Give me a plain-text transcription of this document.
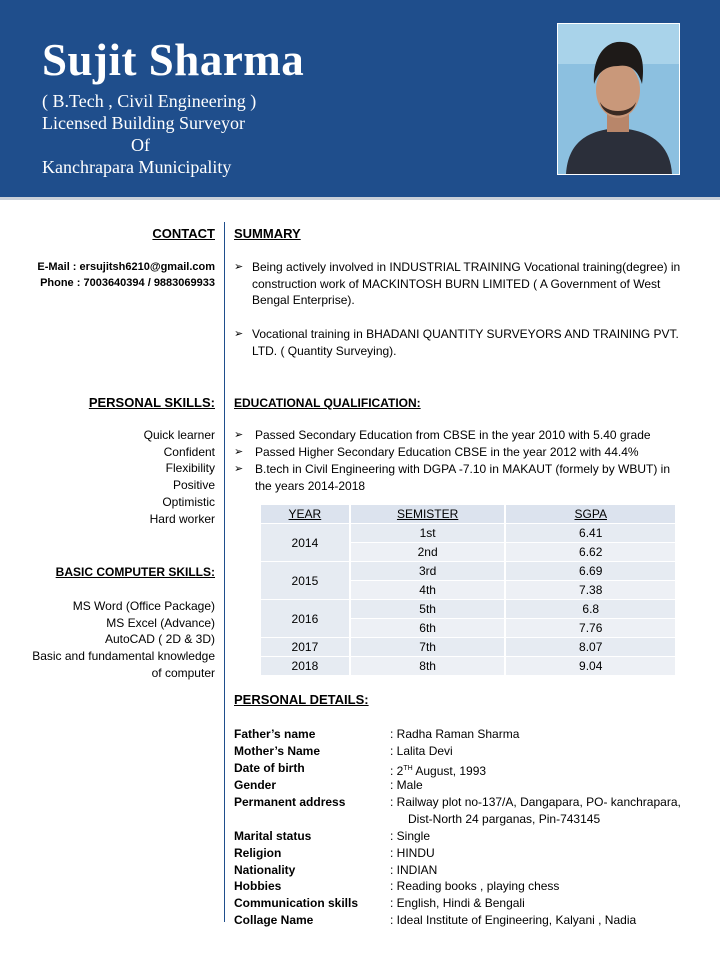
Sujit Sharma
( B.Tech , Civil Engineering )
Licensed Building Surveyor
Of
Kanchrapara Municipality
CONTACT
E-Mail : ersujitsh6210@gmail.com
Phone : 7003640394 / 9883069933
PERSONAL SKILLS:
Quick learner
Confident
Flexibility
Positive
Optimistic
Hard worker
BASIC COMPUTER SKILLS:
MS Word (Office Package)
MS Excel (Advance)
AutoCAD ( 2D & 3D)
Basic and fundamental knowledge
of computer
SUMMARY
➢ Being actively involved in INDUSTRIAL TRAINING Vocational training(degree) in construction work of MACKINTOSH BURN LIMITED ( A Government of West Bengal Enterprise).
➢ Vocational training in BHADANI QUANTITY SURVEYORS AND TRAINING PVT. LTD. ( Quantity Surveying).
EDUCATIONAL QUALIFICATION:
➢ Passed Secondary Education from CBSE in the year 2010 with 5.40 grade
➢ Passed Higher Secondary Education CBSE in the year 2012 with 44.4%
➢ B.tech in Civil Engineering with DGPA -7.10 in MAKAUT (formely by WBUT) in the years 2014-2018
YEAR	SEMISTER	SGPA
2014	1st	6.41
	2nd	6.62
2015	3rd	6.69
	4th	7.38
2016	5th	6.8
	6th	7.76
2017	7th	8.07
2018	8th	9.04
PERSONAL DETAILS:
Father’s name	: Radha Raman Sharma
Mother’s Name	: Lalita Devi
Date of birth	: 2TH August, 1993
Gender	: Male
Permanent address	: Railway plot no-137/A, Dangapara, PO- kanchrapara,
Dist-North 24 parganas, Pin-743145
Marital status	: Single
Religion	: HINDU
Nationality	: INDIAN
Hobbies	: Reading books , playing chess
Communication skills	: English, Hindi & Bengali
Collage Name	: Ideal Institute of Engineering, Kalyani , Nadia
